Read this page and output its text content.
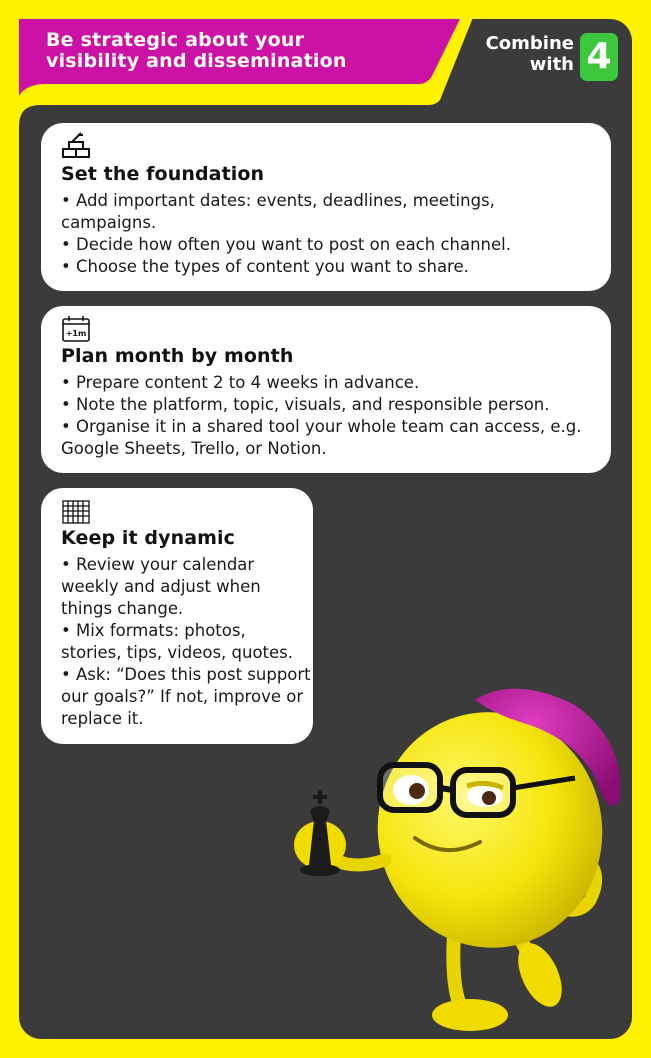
Be strategic about your
visibility and dissemination
Combine
with 4
Set the foundation
• Add important dates: events, deadlines, meetings, campaigns.
• Decide how often you want to post on each channel.
• Choose the types of content you want to share.
+1m
Plan month by month
• Prepare content 2 to 4 weeks in advance.
• Note the platform, topic, visuals, and responsible person.
• Organise it in a shared tool your whole team can access, e.g. Google Sheets, Trello, or Notion.
Keep it dynamic
• Review your calendar weekly and adjust when things change.
• Mix formats: photos, stories, tips, videos, quotes.
• Ask: “Does this post support our goals?” If not, improve or replace it.
